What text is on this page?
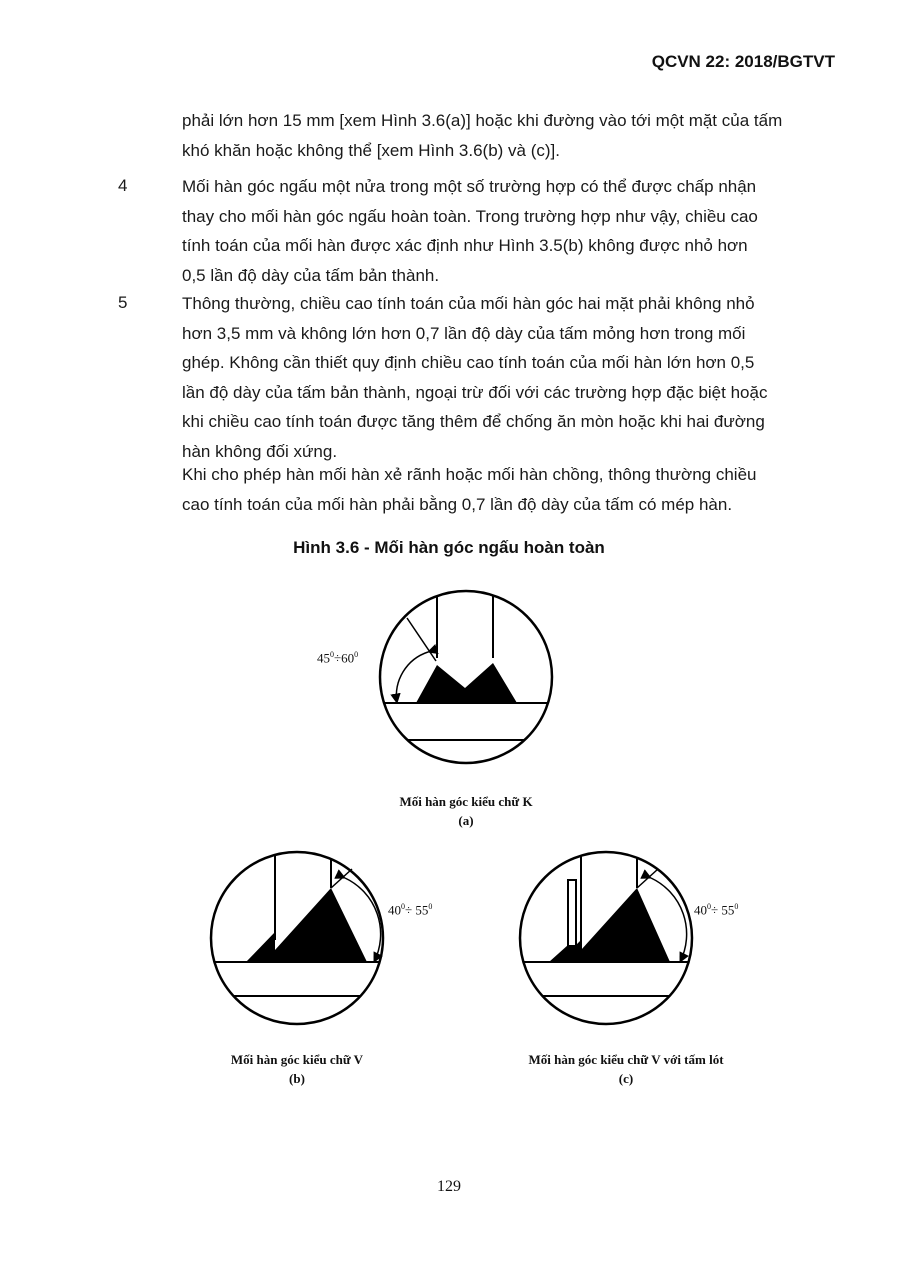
QCVN 22: 2018/BGTVT
phải lớn hơn 15 mm [xem Hình 3.6(a)] hoặc khi đường vào tới một mặt của tấm
khó khăn hoặc không thể [xem Hình 3.6(b) và (c)].
4	Mối hàn góc ngấu một nửa trong một số trường hợp có thể được chấp nhận
thay cho mối hàn góc ngấu hoàn toàn. Trong trường hợp như vậy, chiều cao
tính toán của mối hàn được xác định như Hình 3.5(b) không được nhỏ hơn
0,5 lần độ dày của tấm bản thành.
5	Thông thường, chiều cao tính toán của mối hàn góc hai mặt phải không nhỏ
hơn 3,5 mm và không lớn hơn 0,7 lần độ dày của tấm mỏng hơn trong mối
ghép. Không cần thiết quy định chiều cao tính toán của mối hàn lớn hơn 0,5
lần độ dày của tấm bản thành, ngoại trừ đối với các trường hợp đặc biệt hoặc
khi chiều cao tính toán được tăng thêm để chống ăn mòn hoặc khi hai đường
hàn không đối xứng.
Khi cho phép hàn mối hàn xẻ rãnh hoặc mối hàn chồng, thông thường chiều
cao tính toán của mối hàn phải bằng 0,7 lần độ dày của tấm có mép hàn.
Hình 3.6 - Mối hàn góc ngấu hoàn toàn
$45^0\div 60^0$
$40^0\div 55^0$	$40^0\div 55^0$
Mối hàn góc kiểu chữ K
(a)
Mối hàn góc kiểu chữ V
(b)
Mối hàn góc kiểu chữ V với tấm lót
(c)
129
